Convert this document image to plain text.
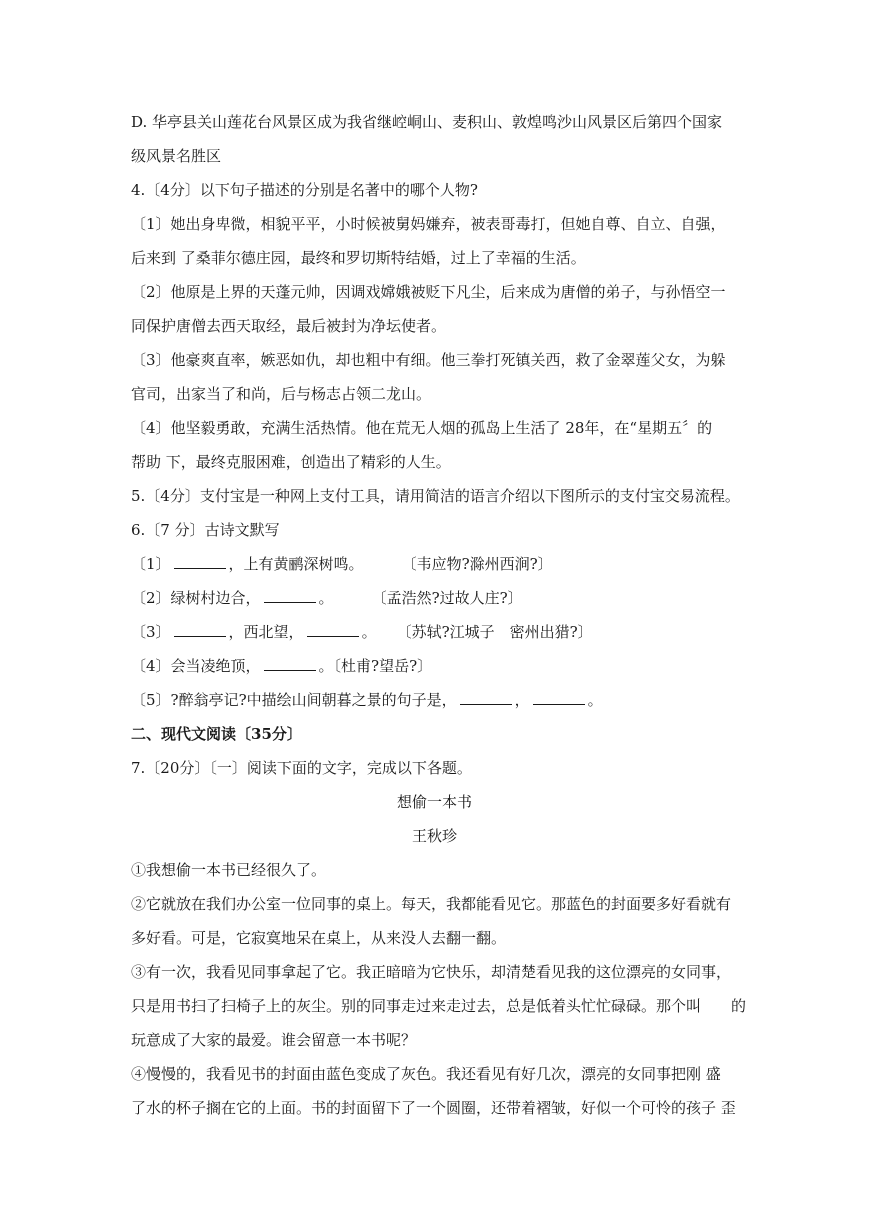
D. 华亭县关山莲花台风景区成为我省继崆峒山、麦积山、敦煌鸣沙山风景区后第四个国家
级风景名胜区
4.〔4分〕以下句子描述的分别是名著中的哪个人物?
〔1〕她出身卑微，相貌平平，小时候被舅妈嫌弃，被表哥毒打，但她自尊、自立、自强，
后来到 了桑菲尔德庄园，最终和罗切斯特结婚，过上了幸福的生活。
〔2〕他原是上界的天蓬元帅，因调戏嫦娥被贬下凡尘，后来成为唐僧的弟子，与孙悟空一
同保护唐僧去西天取经，最后被封为净坛使者。
〔3〕他豪爽直率，嫉恶如仇，却也粗中有细。他三拳打死镇关西，救了金翠莲父女，为躲
官司，出家当了和尚，后与杨志占领二龙山。
〔4〕他坚毅勇敢，充满生活热情。他在荒无人烟的孤岛上生活了 28年，在“星期五〞的
帮助 下，最终克服困难，创造出了精彩的人生。
5.〔4分〕支付宝是一种网上支付工具，请用简洁的语言介绍以下图所示的支付宝交易流程。
6.〔7 分〕古诗文默写
〔1〕	，上有黄鹂深树鸣。	〔韦应物?滁州西涧?〕
〔2〕绿树村边合，	。	〔孟浩然?过故人庄?〕
〔3〕	，西北望，	。 〔苏轼?江城子　密州出猎?〕
〔4〕会当凌绝顶，	。〔杜甫?望岳?〕
〔5〕?醉翁亭记?中描绘山间朝暮之景的句子是，	，	。
二、现代文阅读〔35分〕
7.〔20分〕〔一〕阅读下面的文字，完成以下各题。
想偷一本书
王秋珍
①我想偷一本书已经很久了。
②它就放在我们办公室一位同事的桌上。每天，我都能看见它。那蓝色的封面要多好看就有
多好看。可是，它寂寞地呆在桌上，从来没人去翻一翻。
③有一次，我看见同事拿起了它。我正暗暗为它快乐，却清楚看见我的这位漂亮的女同事，
只是用书扫了扫椅子上的灰尘。别的同事走过来走过去，总是低着头忙忙碌碌。那个叫　　的
玩意成了大家的最爱。谁会留意一本书呢？
④慢慢的，我看见书的封面由蓝色变成了灰色。我还看见有好几次，漂亮的女同事把刚 盛
了水的杯子搁在它的上面。书的封面留下了一个圆圈，还带着褶皱，好似一个可怜的孩子 歪
